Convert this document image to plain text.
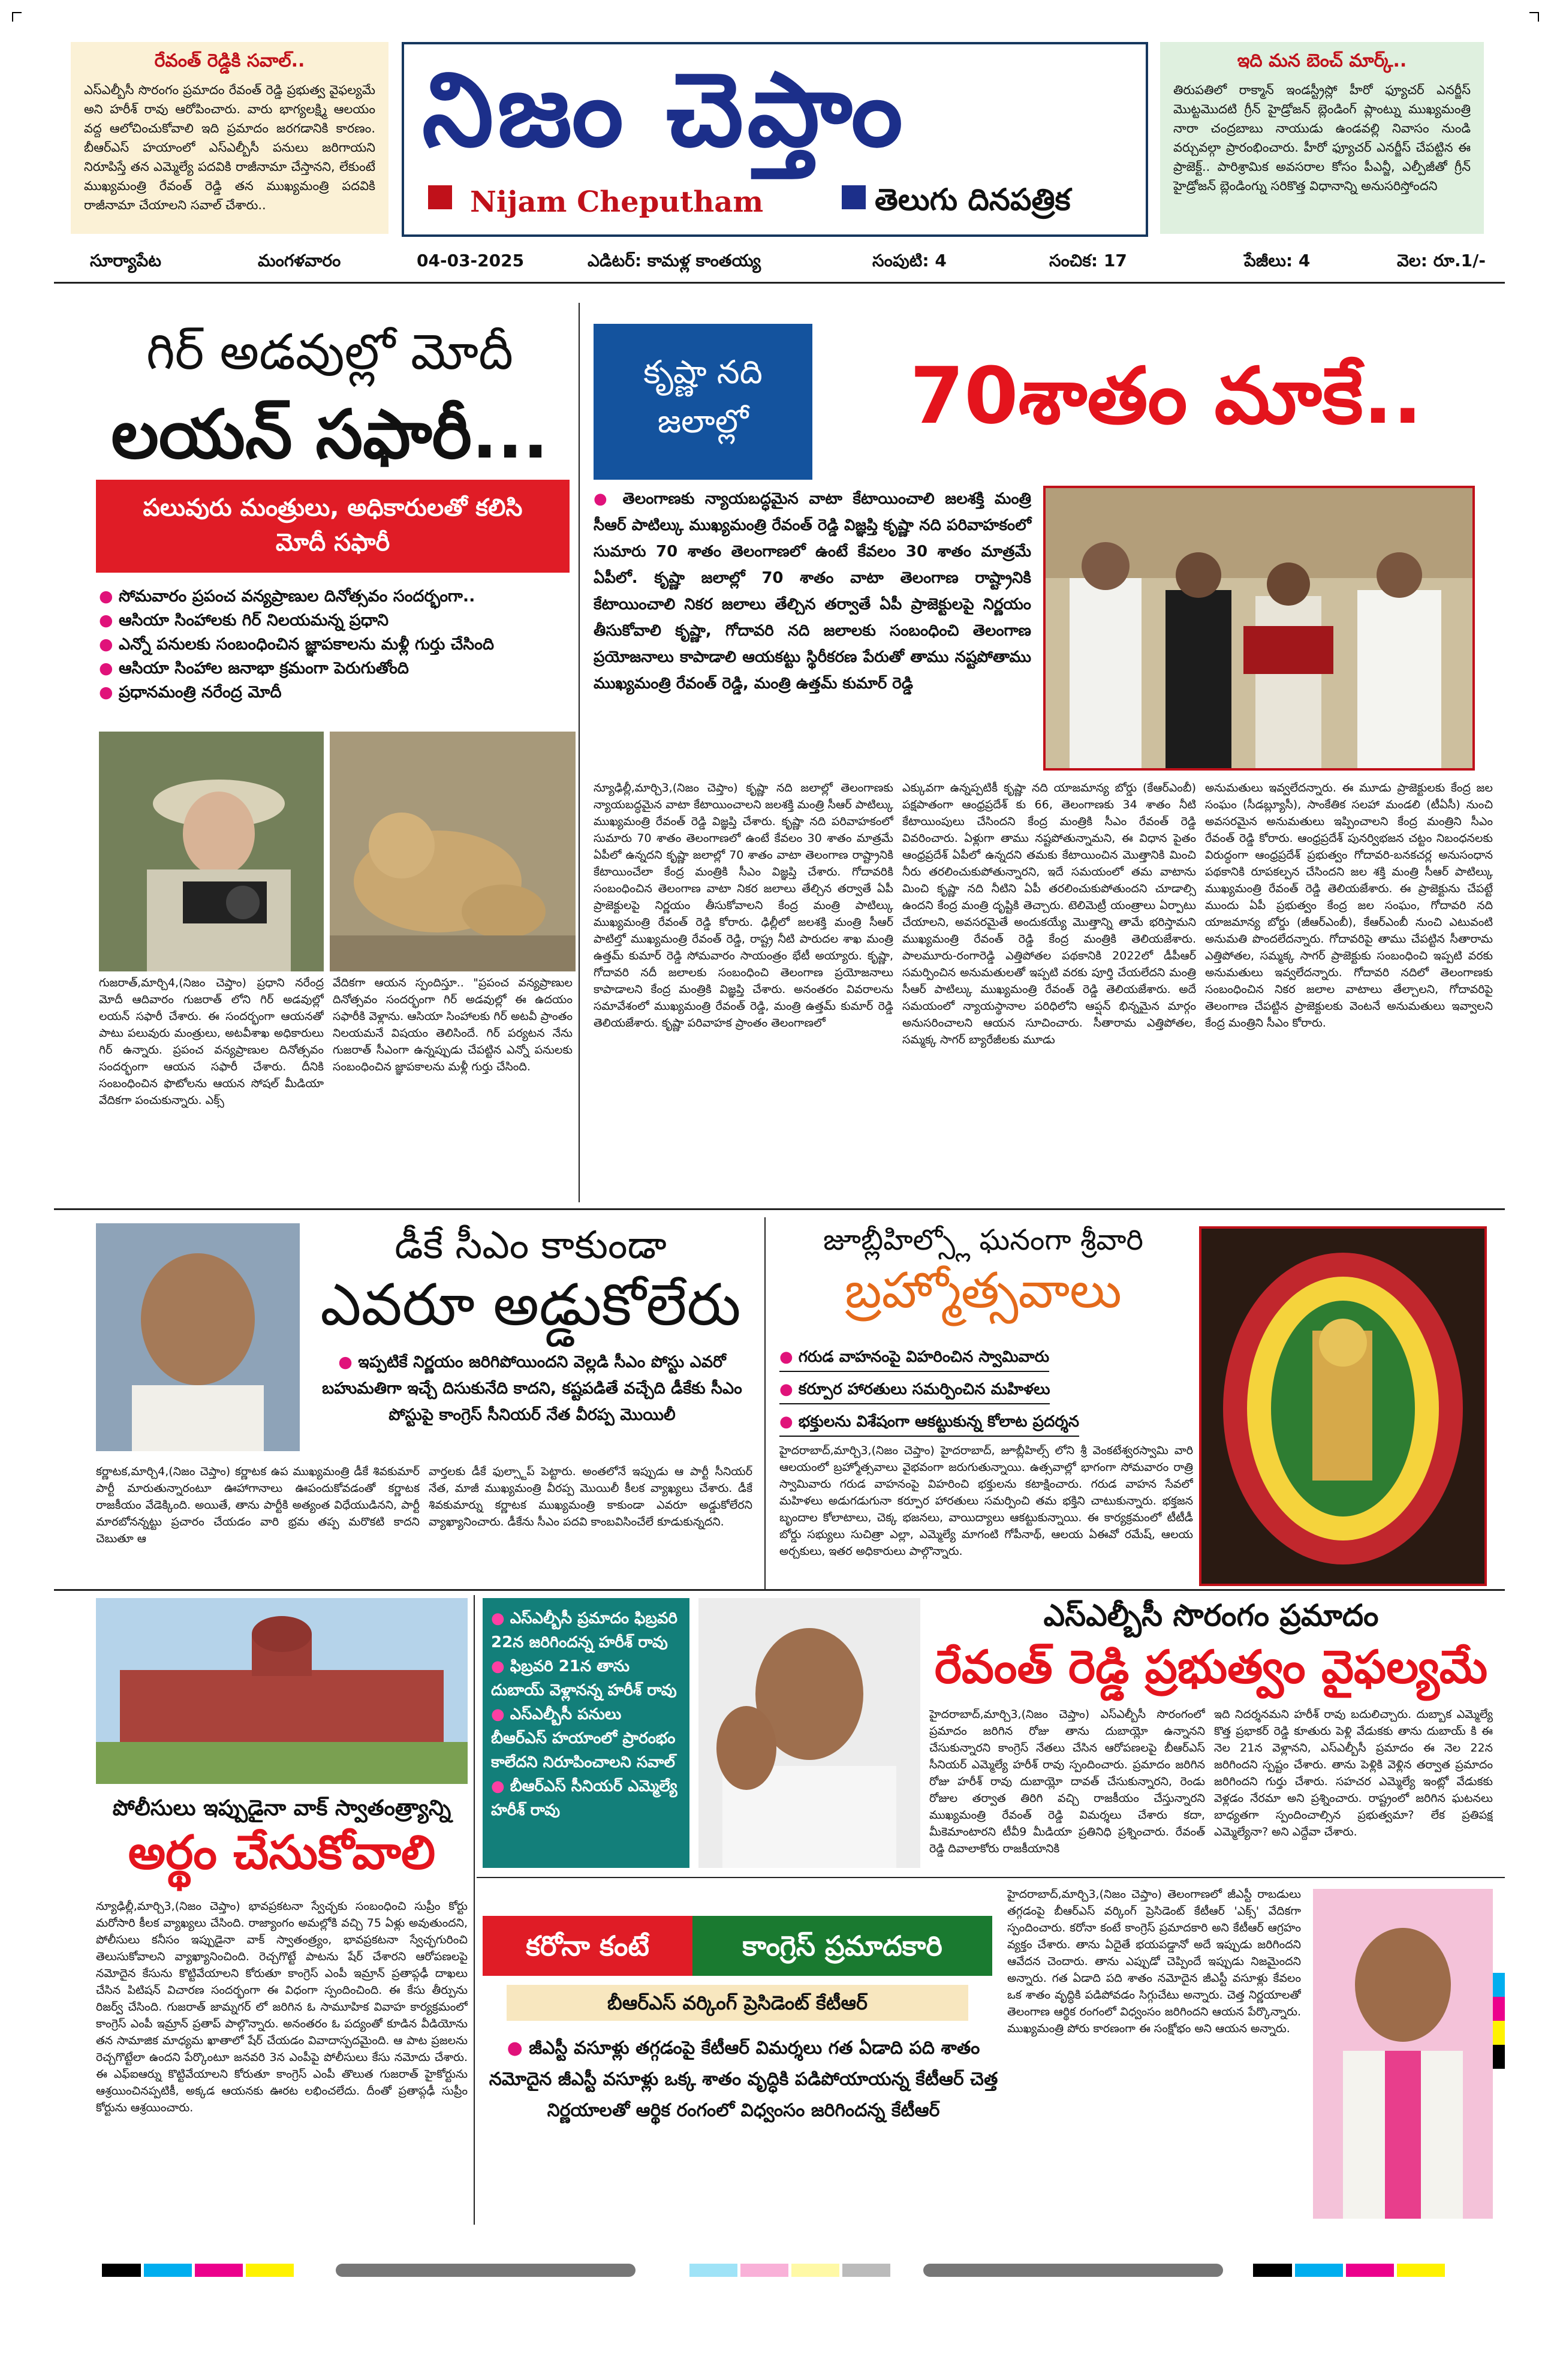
రేవంత్ రెడ్డికి సవాల్..

ఎస్ఎల్బీసీ సొరంగం ప్రమాదం రేవంత్ రెడ్డి ప్రభుత్వ వైఫల్యమే అని హరీశ్ రావు ఆరోపించారు. వారు భాగ్యలక్ష్మి ఆలయం వద్ద ఆలోచించుకోవాలి ఇది ప్రమాదం జరగడానికి కారణం. బీఆర్ఎస్ హయాంలో ఎస్ఎల్బీసీ పనులు జరిగాయని నిరూపిస్తే తన ఎమ్మెల్యే పదవికి రాజీనామా చేస్తానని, లేకుంటే ముఖ్యమంత్రి రేవంత్ రెడ్డి తన ముఖ్యమంత్రి పదవికి రాజీనామా చేయాలని సవాల్ చేశారు..

నిజం చెప్తాం
Nijam Cheputham	తెలుగు దినపత్రిక
ఇది మన బెంచ్ మార్క్..

తిరుపతిలో రాక్మాన్ ఇండస్ట్రీస్లో హీరో ఫ్యూచర్ ఎనర్జీస్ మొట్టమొదటి గ్రీన్ హైడ్రోజన్ బ్లెండింగ్ ప్లాంట్ను ముఖ్యమంత్రి నారా చంద్రబాబు నాయుడు ఉండవల్లి నివాసం నుండి వర్చువల్గా ప్రారంభించారు. హీరో ఫ్యూచర్ ఎనర్జీస్ చేపట్టిన ఈ ప్రాజెక్ట్.. పారిశ్రామిక అవసరాల కోసం పీఎన్జీ, ఎల్పీజీతో గ్రీన్ హైడ్రోజన్ బ్లెండింగ్ను సరికొత్త విధానాన్ని అనుసరిస్తోందని

సూర్యాపేట	మంగళవారం	04-03-2025	ఎడిటర్: కామళ్ల కాంతయ్య	సంపుటి: 4	సంచిక: 17	పేజీలు: 4	వెల: రూ.1/-
గిర్ అడవుల్లో మోదీ
లయన్ సఫారీ...
పలువురు మంత్రులు, అధికారులతో కలిసి మోదీ సఫారీ
● సోమవారం ప్రపంచ వన్యప్రాణుల దినోత్సవం సందర్భంగా..
● ఆసియా సింహాలకు గిర్ నిలయమన్న ప్రధాని
● ఎన్నో పనులకు సంబంధించిన జ్ఞాపకాలను మళ్లీ గుర్తు చేసింది
● ఆసియా సింహాల జనాభా క్రమంగా పెరుగుతోంది
● ప్రధానమంత్రి నరేంద్ర మోదీ
గుజరాత్,మార్చి4,(నిజం చెప్తాం) ప్రధాని నరేంద్ర మోదీ ఆదివారం గుజరాత్ లోని గిర్ అడవుల్లో లయన్ సఫారీ చేశారు. ఈ సందర్భంగా ఆయనతో పాటు పలువురు మంత్రులు, అటవీశాఖ అధికారులు గిర్ ఉన్నారు. ప్రపంచ వన్యప్రాణుల దినోత్సవం సందర్భంగా ఆయన సఫారీ చేశారు. దీనికి సంబంధించిన ఫొటోలను ఆయన సోషల్ మీడియా వేదికగా పంచుకున్నారు. ఎక్స్
వేదికగా ఆయన స్పందిస్తూ.. "ప్రపంచ వన్యప్రాణుల దినోత్సవం సందర్భంగా గిర్ అడవుల్లో ఈ ఉదయం సఫారీకి వెళ్లాను. ఆసియా సింహాలకు గిర్ అటవీ ప్రాంతం నిలయమనే విషయం తెలిసిందే. గిర్ పర్యటన నేను గుజరాత్ సీఎంగా ఉన్నప్పుడు చేపట్టిన ఎన్నో పనులకు సంబంధించిన జ్ఞాపకాలను మళ్లీ గుర్తు చేసింది.
కృష్ణా నది జలాల్లో	70శాతం మాకే..
● తెలంగాణకు న్యాయబద్ధమైన వాటా కేటాయించాలి జలశక్తి మంత్రి సీఆర్ పాటిల్కు ముఖ్యమంత్రి రేవంత్ రెడ్డి విజ్ఞప్తి కృష్ణా నది పరివాహకంలో సుమారు 70 శాతం తెలంగాణలో ఉంటే కేవలం 30 శాతం మాత్రమే ఏపీలో. కృష్ణా జలాల్లో 70 శాతం వాటా తెలంగాణ రాష్ట్రానికి కేటాయించాలి నికర జలాలు తేల్చిన తర్వాతే ఏపీ ప్రాజెక్టులపై నిర్ణయం తీసుకోవాలి కృష్ణా, గోదావరి నది జలాలకు సంబంధించి తెలంగాణ ప్రయోజనాలు కాపాడాలి ఆయకట్టు స్థిరీకరణ పేరుతో తాము నష్టపోతాము ముఖ్యమంత్రి రేవంత్ రెడ్డి, మంత్రి ఉత్తమ్ కుమార్ రెడ్డి
న్యూఢిల్లీ,మార్చి3,(నిజం చెప్తాం) కృష్ణా నది జలాల్లో తెలంగాణకు న్యాయబద్ధమైన వాటా కేటాయించాలని జలశక్తి మంత్రి సీఆర్ పాటిల్కు ముఖ్యమంత్రి రేవంత్ రెడ్డి విజ్ఞప్తి చేశారు. కృష్ణా నది పరివాహకంలో సుమారు 70 శాతం తెలంగాణలో ఉంటే కేవలం 30 శాతం మాత్రమే ఏపీలో ఉన్నదని కృష్ణా జలాల్లో 70 శాతం వాటా తెలంగాణ రాష్ట్రానికి కేటాయించేలా కేంద్ర మంత్రికి సీఎం విజ్ఞప్తి చేశారు. గోదావరికి సంబంధించిన తెలంగాణ వాటా నికర జలాలు తేల్చిన తర్వాతే ఏపీ ప్రాజెక్టులపై నిర్ణయం తీసుకోవాలని కేంద్ర మంత్రి పాటిల్కు ముఖ్యమంత్రి రేవంత్ రెడ్డి కోరారు. ఢిల్లీలో జలశక్తి మంత్రి సీఆర్ పాటిల్తో ముఖ్యమంత్రి రేవంత్ రెడ్డి, రాష్ట్ర నీటి పారుదల శాఖ మంత్రి ఉత్తమ్ కుమార్ రెడ్డి సోమవారం సాయంత్రం భేటీ అయ్యారు. కృష్ణా, గోదావరి నదీ జలాలకు సంబంధించి తెలంగాణ ప్రయోజనాలు కాపాడాలని కేంద్ర మంత్రికి విజ్ఞప్తి చేశారు. అనంతరం వివరాలను సమావేశంలో ముఖ్యమంత్రి రేవంత్ రెడ్డి, మంత్రి ఉత్తమ్ కుమార్ రెడ్డి తెలియజేశారు. కృష్ణా పరివాహక ప్రాంతం తెలంగాణలో
ఎక్కువగా ఉన్నప్పటికీ కృష్ణా నది యాజమాన్య బోర్డు (కేఆర్ఎంబీ) పక్షపాతంగా ఆంధ్రప్రదేశ్ కు 66, తెలంగాణకు 34 శాతం నీటి కేటాయింపులు చేసిందని కేంద్ర మంత్రికి సీఎం రేవంత్ రెడ్డి వివరించారు. ఏళ్లుగా తాము నష్టపోతున్నామని, ఈ విధాన పైతం ఆంధ్రప్రదేశ్ ఏపీలో ఉన్నదని తమకు కేటాయించిన మొత్తానికి మించి నీరు తరలించుకుపోతున్నారని, ఇదే సమయంలో తమ వాటాను మించి కృష్ణా నది నీటిని ఏపీ తరలించుకుపోతుందని చూడాల్సి ఉందని కేంద్ర మంత్రి దృష్టికి తెచ్చారు. టెలిమెట్రీ యంత్రాలు ఏర్పాటు చేయాలని, అవసరమైతే అందుకయ్యే మొత్తాన్ని తామే భరిస్తామని ముఖ్యమంత్రి రేవంత్ రెడ్డి కేంద్ర మంత్రికి తెలియజేశారు. పాలమూరు-రంగారెడ్డి ఎత్తిపోతల పథకానికి 2022లో డీపీఆర్ సమర్పించిన అనుమతులతో ఇప్పటి వరకు పూర్తి చేయలేదని మంత్రి సీఆర్ పాటిల్కు ముఖ్యమంత్రి రేవంత్ రెడ్డి తెలియజేశారు. అదే సమయంలో న్యాయస్థానాల పరిధిలోని ఆప్షన్ భిన్నమైన మార్గం అనుసరించాలని ఆయన సూచించారు. సీతారామ ఎత్తిపోతల, సమ్మక్క సాగర్ బ్యారేజీలకు మూడు
అనుమతులు ఇవ్వలేదన్నారు. ఈ మూడు ప్రాజెక్టులకు కేంద్ర జల సంఘం (సీడబ్ల్యూసీ), సాంకేతిక సలహా మండలి (టీఏసీ) నుంచి అవసరమైన అనుమతులు ఇప్పించాలని కేంద్ర మంత్రిని సీఎం రేవంత్ రెడ్డి కోరారు. ఆంధ్రప్రదేశ్ పునర్విభజన చట్టం నిబంధనలకు విరుద్ధంగా ఆంధ్రప్రదేశ్ ప్రభుత్వం గోదావరి-బనకచర్ల అనుసంధాన పథకానికి రూపకల్పన చేసిందని జల శక్తి మంత్రి సీఆర్ పాటిల్కు ముఖ్యమంత్రి రేవంత్ రెడ్డి తెలియజేశారు. ఈ ప్రాజెక్టును చేపట్టే ముందు ఏపీ ప్రభుత్వం కేంద్ర జల సంఘం, గోదావరి నది యాజమాన్య బోర్డు (జీఆర్ఎంబీ), కేఆర్ఎంబీ నుంచి ఎటువంటి అనుమతి పొందలేదన్నారు. గోదావరిపై తాము చేపట్టిన సీతారామ ఎత్తిపోతల, సమ్మక్క సాగర్ ప్రాజెక్టుకు సంబంధించి ఇప్పటి వరకు అనుమతులు ఇవ్వలేదన్నారు. గోదావరి నదిలో తెలంగాణకు సంబంధించిన నికర జలాల వాటాలు తేల్చాలని, గోదావరిపై తెలంగాణ చేపట్టిన ప్రాజెక్టులకు వెంటనే అనుమతులు ఇవ్వాలని కేంద్ర మంత్రిని సీఎం కోరారు.
డీకే సీఎం కాకుండా
ఎవరూ అడ్డుకోలేరు
● ఇప్పటికే నిర్ణయం జరిగిపోయిందని వెల్లడి సీఎం పోస్టు ఎవరో బహుమతిగా ఇచ్చే దిసుకునేది కాదని, కష్టపడితే వచ్చేది డీకేకు సీఎం పోస్టుపై కాంగ్రెస్ సీనియర్ నేత వీరప్ప మొయిలీ
కర్ణాటక,మార్చి4,(నిజం చెప్తాం) కర్ణాటక ఉప ముఖ్యమంత్రి డీకే శివకుమార్ పార్టీ మారుతున్నారంటూ ఊహాగానాలు ఊపందుకోవడంతో కర్ణాటక రాజకీయం వేడెక్కింది. అయితే, తాను పార్టీకి అత్యంత విధేయుడినని, పార్టీ మారబోనన్నట్టు ప్రచారం చేయడం వారి భ్రమ తప్ప మరొకటి కాదని చెబుతూ ఆ
వార్తలకు డీకే ఫుల్స్టాప్ పెట్టారు. అంతలోనే ఇప్పుడు ఆ పార్టీ సీనియర్ నేత, మాజీ ముఖ్యమంత్రి వీరప్ప మొయిలీ కీలక వ్యాఖ్యలు చేశారు. డీకే శివకుమార్ను కర్ణాటక ముఖ్యమంత్రి కాకుండా ఎవరూ అడ్డుకోలేరని వ్యాఖ్యానించారు. డీకేను సీఎం పదవి కాంబవిసించేలే కూడుకున్నదని.
జూబ్లీహిల్స్లో ఘనంగా శ్రీవారి
బ్రహ్మోత్సవాలు
● గరుడ వాహనంపై విహరించిన స్వామివారు
● కర్పూర హారతులు సమర్పించిన మహిళలు
● భక్తులను విశేషంగా ఆకట్టుకున్న కోలాట ప్రదర్శన
హైదరాబాద్,మార్చి3,(నిజం చెప్తాం) హైదరాబాద్, జూబ్లీహిల్స్ లోని శ్రీ వెంకటేశ్వరస్వామి వారి ఆలయంలో బ్రహ్మోత్సవాలు వైభవంగా జరుగుతున్నాయి. ఉత్సవాల్లో భాగంగా సోమవారం రాత్రి స్వామివారు గరుడ వాహనంపై విహరించి భక్తులను కటాక్షించారు. గరుడ వాహన సేవలో మహిళలు అడుగడుగునా కర్పూర హారతులు సమర్పించి తమ భక్తిని చాటుకున్నారు. భక్తజన బృందాల కోలాటాలు, చెక్క భజనలు, వాయిద్యాలు ఆకట్టుకున్నాయి. ఈ కార్యక్రమంలో టీటీడీ బోర్డు సభ్యులు సుచిత్రా ఎల్లా, ఎమ్మెల్యే మాగంటి గోపీనాథ్, ఆలయ ఏఈవో రమేష్, ఆలయ అర్చకులు, ఇతర అధికారులు పాల్గొన్నారు.
పోలీసులు ఇప్పుడైనా వాక్ స్వాతంత్ర్యాన్ని
అర్థం చేసుకోవాలి
న్యూఢిల్లీ,మార్చి3,(నిజం చెప్తాం) భావప్రకటనా స్వేచ్ఛకు సంబంధించి సుప్రీం కోర్టు మరోసారి కీలక వ్యాఖ్యలు చేసింది. రాజ్యాంగం అమల్లోకి వచ్చి 75 ఏళ్లు అవుతుందని, పోలీసులు కనీసం ఇప్పుడైనా వాక్ స్వాతంత్ర్యం, భావప్రకటనా స్వేచ్ఛగురించి తెలుసుకోవాలని వ్యాఖ్యానించింది. రెచ్చగొట్టే పాటను షేర్ చేశారని ఆరోపణలపై నమోదైన కేసును కొట్టివేయాలని కోరుతూ కాంగ్రెస్ ఎంపీ ఇమ్రాన్ ప్రతాప్గఢీ దాఖలు చేసిన పిటిషన్ విచారణ సందర్భంగా ఈ విధంగా స్పందించింది. ఈ కేసు తీర్పును రిజర్వ్ చేసింది. గుజరాత్ జామ్నగర్ లో జరిగిన ఓ సామూహిక వివాహ కార్యక్రమంలో కాంగ్రెస్ ఎంపీ ఇమ్రాన్ ప్రతాప్ పాల్గొన్నారు. అనంతరం ఓ పద్యంతో కూడిన వీడియోను తన సామాజిక మాధ్యమ ఖాతాలో షేర్ చేయడం వివాదాస్పదమైంది. ఆ పాట ప్రజలను రెచ్చగొట్టేలా ఉందని పేర్కొంటూ జనవరి 3న ఎంపీపై పోలీసులు కేసు నమోదు చేశారు. ఈ ఎఫ్ఐఆర్ను కొట్టివేయాలని కోరుతూ కాంగ్రెస్ ఎంపీ తొలుత గుజరాత్ హైకోర్టును ఆశ్రయించినప్పటికీ, అక్కడ ఆయనకు ఊరట లభించలేదు. దీంతో ప్రతాప్గఢీ సుప్రీం కోర్టును ఆశ్రయించారు.
● ఎస్ఎల్బీసీ ప్రమాదం ఫిబ్రవరి 22న జరిగిందన్న హరీశ్ రావు
● ఫిబ్రవరి 21న తాను దుబాయ్ వెళ్లానన్న హరీశ్ రావు
● ఎస్ఎల్బీసీ పనులు బీఆర్ఎస్ హయాంలో ప్రారంభం కాలేదని నిరూపించాలని సవాల్
● బీఆర్ఎస్ సీనియర్ ఎమ్మెల్యే హరీశ్ రావు
ఎస్ఎల్బీసీ సొరంగం ప్రమాదం
రేవంత్ రెడ్డి ప్రభుత్వం వైఫల్యమే
హైదరాబాద్,మార్చి3,(నిజం చెప్తాం) ఎస్ఎల్బీసీ సొరంగంలో ప్రమాదం జరిగిన రోజు తాను దుబాయ్లో ఉన్నానని చేసుకున్నారని కాంగ్రెస్ నేతలు చేసిన ఆరోపణలపై బీఆర్ఎస్ సీనియర్ ఎమ్మెల్యే హరీశ్ రావు స్పందించారు. ప్రమాదం జరిగిన రోజు హరీశ్ రావు దుబాయ్లో దావత్ చేసుకున్నారని, రెండు రోజుల తర్వాత తిరిగి వచ్చి రాజకీయం చేస్తున్నారని ముఖ్యమంత్రి రేవంత్ రెడ్డి విమర్శలు చేశారు కదా, మీకెమాంటారని టీవీ9 మీడియా ప్రతినిధి ప్రశ్నించారు. రేవంత్ రెడ్డి దివాలాకోరు రాజకీయానికి
ఇది నిదర్శనమని హరీశ్ రావు బదులిచ్చారు. దుబ్బాక ఎమ్మెల్యే కొత్త ప్రభాకర్ రెడ్డి కూతురు పెళ్లి వేడుకకు తాను దుబాయ్ కి ఈ నెల 21న వెళ్లానని, ఎస్ఎల్బీసీ ప్రమాదం ఈ నెల 22న జరిగిందని స్పష్టం చేశారు. తాను పెళ్లికి వెళ్లిన తర్వాత ప్రమాదం జరిగిందని గుర్తు చేశారు. సహచర ఎమ్మెల్యే ఇంట్లో వేడుకకు వెళ్లడం నేరమా అని ప్రశ్నించారు. రాష్ట్రంలో జరిగిన ఘటనలు బాధ్యతగా స్పందించాల్సిన ప్రభుత్వమా? లేక ప్రతిపక్ష ఎమ్మెల్యేనా? అని ఎద్దేవా చేశారు.
కరోనా కంటే	కాంగ్రెస్ ప్రమాదకారి
బీఆర్ఎస్ వర్కింగ్ ప్రెసిడెంట్ కేటీఆర్
● జీఎస్టీ వసూళ్లు తగ్గడంపై కేటీఆర్ విమర్శలు గత ఏడాది పది శాతం నమోదైన జీఎస్టీ వసూళ్లు ఒక్క శాతం వృద్ధికి పడిపోయాయన్న కేటీఆర్ చెత్త నిర్ణయాలతో ఆర్థిక రంగంలో విధ్వంసం జరిగిందన్న కేటీఆర్
హైదరాబాద్,మార్చి3,(నిజం చెప్తాం) తెలంగాణలో జీఎస్టీ రాబడులు తగ్గడంపై బీఆర్ఎస్ వర్కింగ్ ప్రెసిడెంట్ కేటీఆర్ 'ఎక్స్' వేదికగా స్పందించారు. కరోనా కంటే కాంగ్రెస్ ప్రమాదకారి అని కేటీఆర్ ఆగ్రహం వ్యక్తం చేశారు. తాను ఏదైతే భయపడ్డానో అదే ఇప్పుడు జరిగిందని ఆవేదన చెందారు. తాను ఎప్పుడో చెప్పిందే ఇప్పుడు నిజమైందని అన్నారు. గత ఏడాది పది శాతం నమోదైన జీఎస్టీ వసూళ్లు కేవలం ఒక శాతం వృద్ధికి పడిపోవడం సిగ్గుచేటు అన్నారు. చెత్త నిర్ణయాలతో తెలంగాణ ఆర్థిక రంగంలో విధ్వంసం జరిగిందని ఆయన పేర్కొన్నారు. ముఖ్యమంత్రి పోరు కారణంగా ఈ సంక్షోభం అని ఆయన అన్నారు.
